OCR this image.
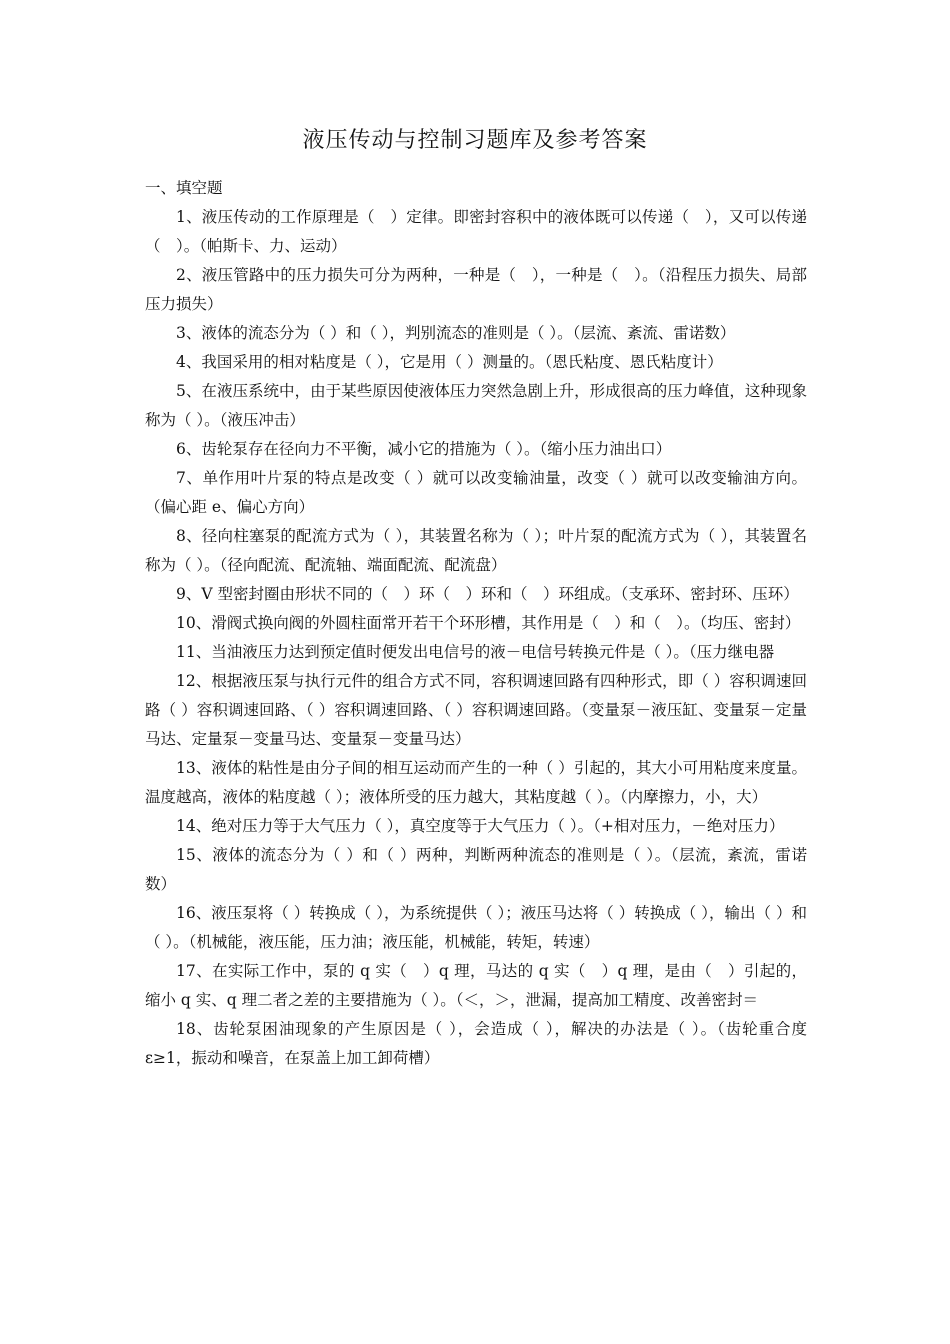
液压传动与控制习题库及参考答案
一、填空题

1、液压传动的工作原理是（　）定律。即密封容积中的液体既可以传递（　），又可以传递（　）。（帕斯卡、力、运动）

2、液压管路中的压力损失可分为两种，一种是（　），一种是（　）。（沿程压力损失、局部压力损失）

3、液体的流态分为（ ）和（ ），判别流态的准则是（ ）。（层流、紊流、雷诺数）

4、我国采用的相对粘度是（ ），它是用（ ）测量的。（恩氏粘度、恩氏粘度计）

5、在液压系统中，由于某些原因使液体压力突然急剧上升，形成很高的压力峰值，这种现象称为（ ）。（液压冲击）

6、齿轮泵存在径向力不平衡，减小它的措施为（ ）。（缩小压力油出口）

7、单作用叶片泵的特点是改变（ ）就可以改变输油量，改变（ ）就可以改变输油方向。（偏心距 e、偏心方向）

8、径向柱塞泵的配流方式为（ ），其装置名称为（ ）；叶片泵的配流方式为（ ），其装置名称为（ ）。（径向配流、配流轴、端面配流、配流盘）

9、V 型密封圈由形状不同的（　）环（　）环和（　）环组成。（支承环、密封环、压环）

10、滑阀式换向阀的外圆柱面常开若干个环形槽，其作用是（　）和（　）。（均压、密封）

11、当油液压力达到预定值时便发出电信号的液－电信号转换元件是（ ）。（压力继电器

12、根据液压泵与执行元件的组合方式不同，容积调速回路有四种形式，即（ ）容积调速回路（ ）容积调速回路、（ ）容积调速回路、（ ）容积调速回路。（变量泵－液压缸、变量泵－定量马达、定量泵－变量马达、变量泵－变量马达）

13、液体的粘性是由分子间的相互运动而产生的一种（ ）引起的，其大小可用粘度来度量。温度越高，液体的粘度越（ ）；液体所受的压力越大，其粘度越（ ）。（内摩擦力，小，大）

14、绝对压力等于大气压力（ ），真空度等于大气压力（ ）。（+相对压力，－绝对压力）

15、液体的流态分为（ ）和（ ）两种，判断两种流态的准则是（ ）。（层流，紊流，雷诺数）

16、液压泵将（ ）转换成（ ），为系统提供（ ）；液压马达将（ ）转换成（ ），输出（ ）和（ ）。（机械能，液压能，压力油；液压能，机械能，转矩，转速）

17、在实际工作中，泵的 q 实（　）q 理，马达的 q 实（　）q 理，是由（　）引起的，缩小 q 实、q 理二者之差的主要措施为（ ）。（＜，＞，泄漏，提高加工精度、改善密封＝

18、齿轮泵困油现象的产生原因是（ ），会造成（ ），解决的办法是（ ）。（齿轮重合度ε≥1，振动和噪音，在泵盖上加工卸荷槽）
